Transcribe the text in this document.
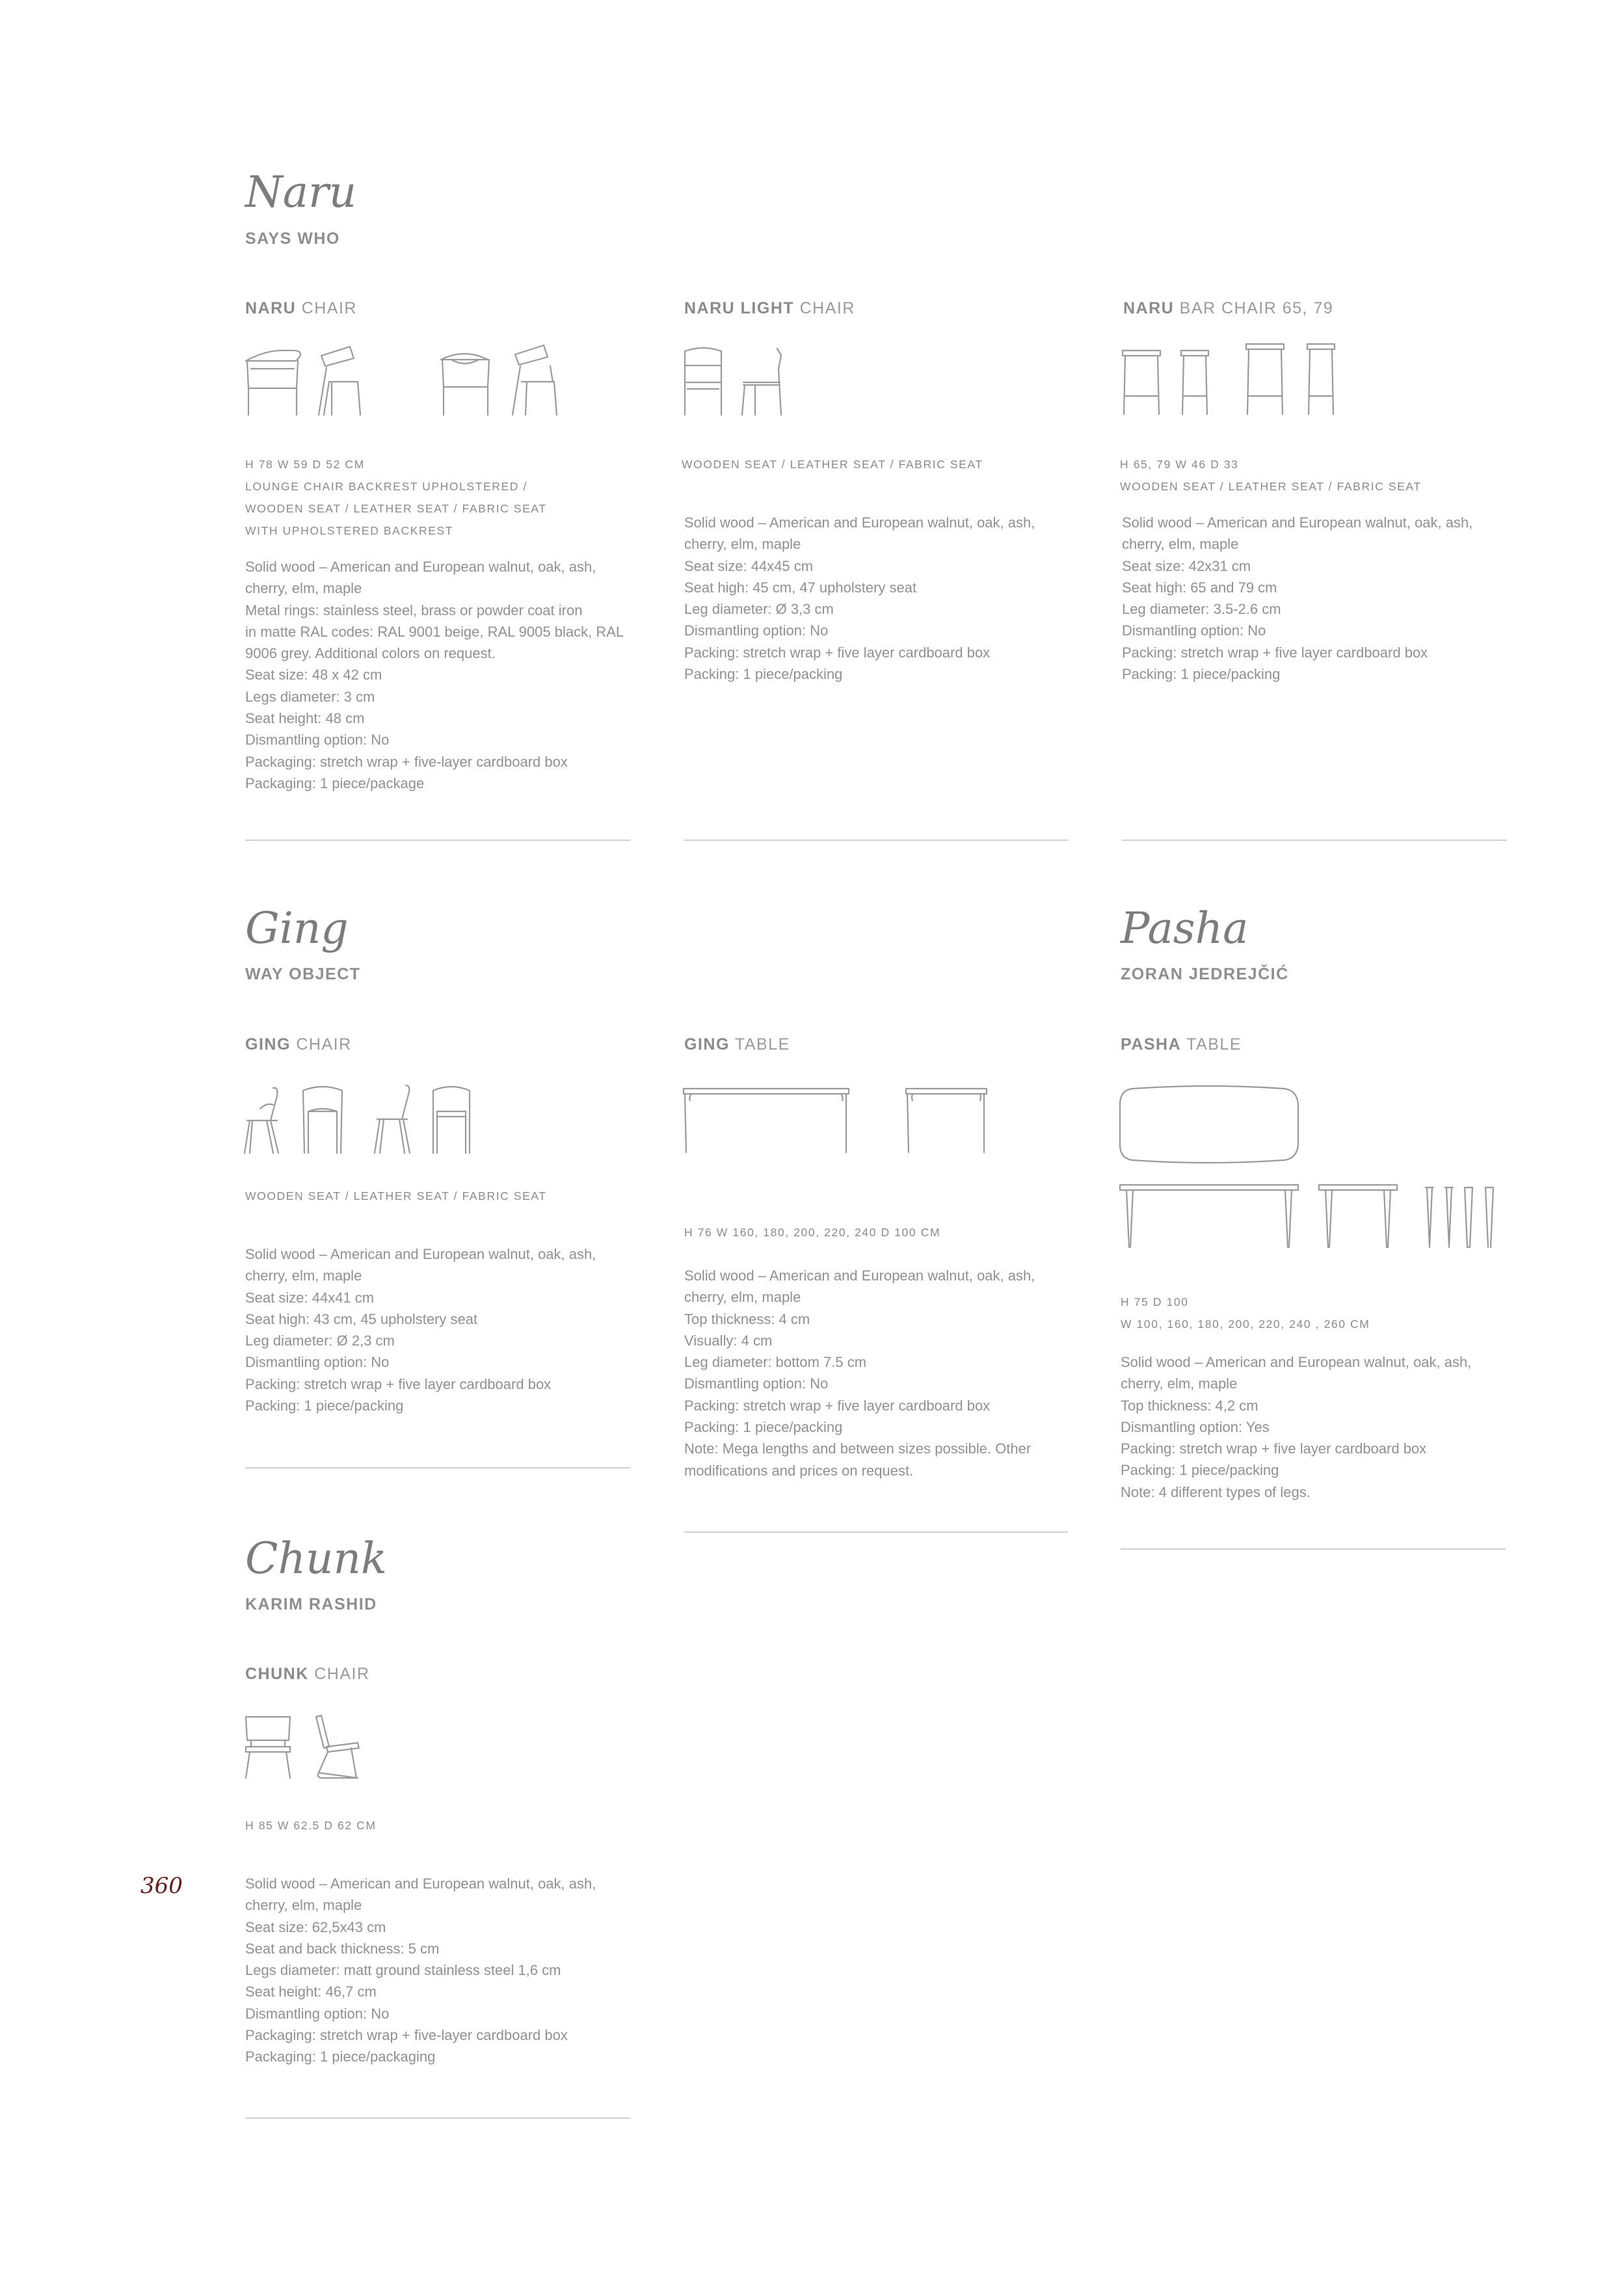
360
Naru
SAYS WHO
NARU CHAIR
H 78 W 59 D 52 CM
LOUNGE CHAIR BACKREST UPHOLSTERED /
WOODEN SEAT / LEATHER SEAT / FABRIC SEAT
WITH UPHOLSTERED BACKREST
Solid wood – American and European walnut, oak, ash,
cherry, elm, maple
Metal rings: stainless steel, brass or powder coat iron
in matte RAL codes: RAL 9001 beige, RAL 9005 black, RAL
9006 grey. Additional colors on request.
Seat size: 48 x 42 cm
Legs diameter: 3 cm
Seat height: 48 cm
Dismantling option: No
Packaging: stretch wrap + five-layer cardboard box
Packaging: 1 piece/package
NARU LIGHT CHAIR
WOODEN SEAT / LEATHER SEAT / FABRIC SEAT
Solid wood – American and European walnut, oak, ash,
cherry, elm, maple
Seat size: 44x45 cm
Seat high: 45 cm, 47 upholstery seat
Leg diameter: Ø 3,3 cm
Dismantling option: No
Packing: stretch wrap + five layer cardboard box
Packing: 1 piece/packing
NARU BAR CHAIR 65, 79
H 65, 79 W 46 D 33
WOODEN SEAT / LEATHER SEAT / FABRIC SEAT
Solid wood – American and European walnut, oak, ash,
cherry, elm, maple
Seat size: 42x31 cm
Seat high: 65 and 79 cm
Leg diameter: 3.5-2.6 cm
Dismantling option: No
Packing: stretch wrap + five layer cardboard box
Packing: 1 piece/packing
Ging
WAY OBJECT
GING CHAIR
WOODEN SEAT / LEATHER SEAT / FABRIC SEAT
Solid wood – American and European walnut, oak, ash,
cherry, elm, maple
Seat size: 44x41 cm
Seat high: 43 cm, 45 upholstery seat
Leg diameter: Ø 2,3 cm
Dismantling option: No
Packing: stretch wrap + five layer cardboard box
Packing: 1 piece/packing
GING TABLE
H 76 W 160, 180, 200, 220, 240 D 100 CM
Solid wood – American and European walnut, oak, ash,
cherry, elm, maple
Top thickness: 4 cm
Visually: 4 cm
Leg diameter: bottom 7.5 cm
Dismantling option: No
Packing: stretch wrap + five layer cardboard box
Packing: 1 piece/packing
Note: Mega lengths and between sizes possible. Other
modifications and prices on request.
Pasha
ZORAN JEDREJČIĆ
PASHA TABLE
H 75 D 100
W 100, 160, 180, 200, 220, 240 , 260 CM
Solid wood – American and European walnut, oak, ash,
cherry, elm, maple
Top thickness: 4,2 cm
Dismantling option: Yes
Packing: stretch wrap + five layer cardboard box
Packing: 1 piece/packing
Note: 4 different types of legs.
Chunk
KARIM RASHID
CHUNK CHAIR
H 85 W 62.5 D 62 CM
Solid wood – American and European walnut, oak, ash,
cherry, elm, maple
Seat size: 62,5x43 cm
Seat and back thickness: 5 cm
Legs diameter: matt ground stainless steel 1,6 cm
Seat height: 46,7 cm
Dismantling option: No
Packaging: stretch wrap + five-layer cardboard box
Packaging: 1 piece/packaging
